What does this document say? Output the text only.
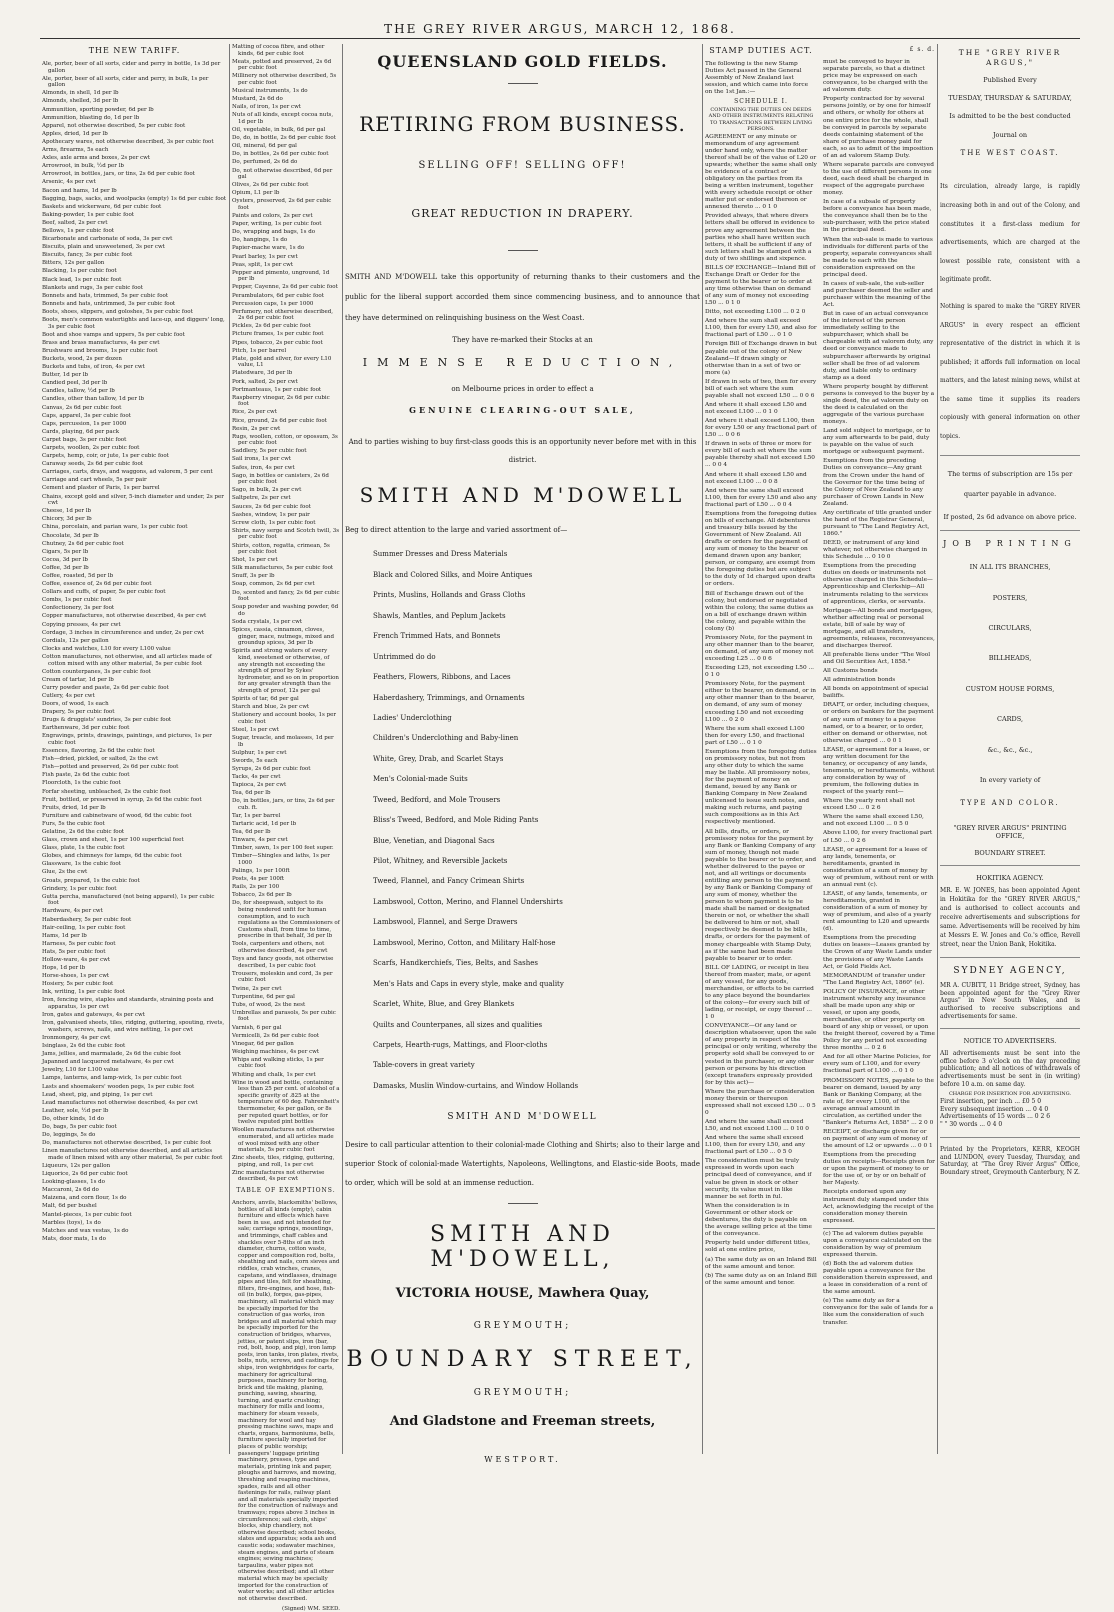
THE GREY RIVER ARGUS, MARCH 12, 1868.
THE NEW TARIFF.

Ale, porter, beer of all sorts, cider and perry in bottle, 1s 3d per gallon

Ale, porter, beer of all sorts, cider and perry, in bulk, 1s per gallon

Almonds, in shell, 1d per lb

Almonds, shelled, 3d per lb

Ammunition, sporting powder, 6d per lb

Ammunition, blasting do, 1d per lb

Apparel, not otherwise described, 5s per cubic foot

Apples, dried, 1d per lb

Apothecary wares, not otherwise described, 3s per cubic foot

Arms, firearms, 5s each

Axles, axle arms and boxes, 2s per cwt

Arrowroot, in bulk, ½d per lb

Arrowroot, in bottles, jars, or tins, 2s 6d per cubic foot

Arsenic, 4s per cwt

Bacon and hams, 1d per lb

Bagging, bags, sacks, and woolpacks (empty) 1s 6d per cubic foot

Baskets and wickerware, 6d per cubic foot

Baking-powder, 1s per cubic foot

Beef, salted, 2s per cwt

Bellows, 1s per cubic foot

Bicarbonate and carbonate of soda, 3s per cwt

Biscuits, plain and unsweetened, 3s per cwt

Biscuits, fancy, 3s per cubic foot

Bitters, 12s per gallon

Blacking, 1s per cubic foot

Black lead, 1s per cubic foot

Blankets and rugs, 3s per cubic foot

Bonnets and hats, trimmed, 5s per cubic foot

Bonnets and hats, untrimmed, 3s per cubic foot

Boots, shoes, slippers, and goloshes, 5s per cubic foot

Boots, men's common watertights and lace-up, and diggers' long, 3s per cubic foot

Boot and shoe vamps and uppers, 5s per cubic foot

Brass and brass manufactures, 4s per cwt

Brushware and brooms, 1s per cubic foot

Buckets, wood, 2s per dozen

Buckets and tubs, of iron, 4s per cwt

Butter, 1d per lb

Candied peel, 3d per lb

Candles, tallow, ½d per lb

Candles, other than tallow, 1d per lb

Canvas, 2s 6d per cubic foot

Caps, apparel, 3s per cubic foot

Caps, percussion, 1s per 1000

Cards, playing, 6d per pack

Carpet bags, 3s per cubic foot

Carpets, woollen, 2s per cubic foot

Carpets, hemp, coir, or jute, 1s per cubic foot

Caraway seeds, 2s 6d per cubic foot

Carriages, carts, drays, and waggons, ad valorem, 5 per cent

Carriage and cart wheels, 5s per pair

Cement and plaster of Paris, 1s per barrel

Chains, except gold and silver, 5-inch diameter and under, 2s per cwt

Cheese, 1d per lb

Chicory, 3d per lb

China, porcelain, and parian ware, 1s per cubic foot

Chocolate, 3d per lb

Chutney, 2s 6d per cubic foot

Cigars, 5s per lb

Cocoa, 3d per lb

Coffee, 3d per lb

Coffee, roasted, 5d per lb

Coffee, essence of, 2s 6d per cubic foot

Collars and cuffs, of paper, 5s per cubic foot

Combs, 1s per cubic foot

Confectionery, 3s per foot

Copper manufactures, not otherwise described, 4s per cwt

Copying presses, 4s per cwt

Cordage, 3 inches in circumference and under, 2s per cwt

Cordials, 12s per gallon

Clocks and watches, L10 for every L100 value

Cotton manufactures, not otherwise, and all articles made of cotton mixed with any other material, 5s per cubic foot

Cotton counterpanes, 3s per cubic foot

Cream of tartar, 1d per lb

Curry powder and paste, 2s 6d per cubic foot

Cutlery, 4s per cwt

Doors, of wood, 1s each

Drapery, 5s per cubic foot

Drugs & druggists' sundries, 3s per cubic foot

Earthenware, 3d per cubic foot

Engravings, prints, drawings, paintings, and pictures, 1s per cubic foot

Essences, flavoring, 2s 6d the cubic foot

Fish—dried, pickled, or salted, 2s the cwt

Fish—potted and preserved, 2s 6d per cubic foot

Fish paste, 2s 6d the cubic foot

Floorcloth, 1s the cubic foot

Forfar sheeting, unbleached, 2s the cubic foot

Fruit, bottled, or preserved in syrup, 2s 6d the cubic foot

Fruits, dried, 1d per lb

Furniture and cabinetware of wood, 6d the cubic foot

Furs, 5s the cubic foot

Gelatine, 2s 6d the cubic foot

Glass, crown and sheet, 1s per 100 superficial feet

Glass, plate, 1s the cubic foot

Globes, and chimneys for lamps, 6d the cubic foot

Glassware, 1s the cubic foot

Glue, 2s the cwt

Groats, prepared, 1s the cubic foot

Grindery, 1s per cubic foot

Gutta percha, manufactured (not being apparel), 1s per cubic foot

Hardware, 4s per cwt

Haberdashery, 5s per cubic foot

Hair-ceiling, 1s per cubic foot

Hams, 1d per lb

Harness, 5s per cubic foot

Hats, 5s per cubic foot

Hollow-ware, 4s per cwt

Hops, 1d per lb

Horse-shoes, 1s per cwt

Hosiery, 5s per cubic foot

Ink, writing, 1s per cubic foot

Iron, fencing wire, staples and standards, straining posts and apparatus, 1s per cwt

Iron, gates and gateways, 4s per cwt

Iron, galvanised sheets, tiles, ridging, guttering, spouting, rivets, washers, screws, nails, and wire netting, 1s per cwt

Ironmongery, 4s per cwt

Isinglass, 2s 6d the cubic foot

Jams, jellies, and marmalade, 2s 6d the cubic foot

Japanned and lacquered metalware, 4s per cwt

Jewelry, L10 for L100 value

Lamps, lanterns, and lamp-wick, 1s per cubic foot

Lasts and shoemakers' wooden pegs, 1s per cubic foot

Lead, sheet, pig, and piping, 1s per cwt

Lead manufactures not otherwise described, 4s per cwt

Leather, sole, ½d per lb

Do, other kinds, 1d do

Do, bags, 5s per cubic foot

Do, leggings, 5s do

Do, manufactures not otherwise described, 1s per cubic foot

Linen manufactures not otherwise described, and all articles made of linen mixed with any other material, 5s per cubic foot

Liqueurs, 12s per gallon

Liquorice, 2s 6d per cubic foot

Looking-glasses, 1s do

Maccaroni, 2s 6d do

Maizena, and corn flour, 1s do

Malt, 6d per bushel

Mantel-pieces, 1s per cubic foot

Marbles (toys), 1s do

Matches and wax vestas, 1s do

Mats, door mats, 1s do

Matting of cocoa fibre, and other kinds, 6d per cubic foot

Meats, potted and preserved, 2s 6d per cubic foot

Millinery not otherwise described, 5s per cubic foot

Musical instruments, 1s do

Mustard, 2s 6d do

Nails, of iron, 1s per cwt

Nuts of all kinds, except cocoa nuts, 1d per lb

Oil, vegetable, in bulk, 6d per gal

Do, do, in bottle, 2s 6d per cubic foot

Oil, mineral, 6d per gal

Do, in bottles, 2s 6d per cubic foot

Do, perfumed, 2s 6d do

Do, not otherwise described, 6d per gal

Olives, 2s 6d per cubic foot

Opium, L1 per lb

Oysters, preserved, 2s 6d per cubic foot

Paints and colors, 2s per cwt

Paper, writing, 1s per cubic foot

Do, wrapping and bags, 1s do

Do, hangings, 1s do

Papier-mache ware, 1s do

Pearl barley, 1s per cwt

Peas, split, 1s per cwt

Pepper and pimento, unground, 1d per lb

Pepper, Cayenne, 2s 6d per cubic foot

Perambulators, 6d per cubic foot

Percussion caps, 1s per 1000

Perfumery, not otherwise described, 2s 6d per cubic foot

Pickles, 2s 6d per cubic foot

Picture frames, 1s per cubic foot

Pipes, tobacco, 2s per cubic foot

Pitch, 1s per barrel

Plate, gold and silver, for every L10 value, L1

Platedware, 3d per lb

Pork, salted, 2s per cwt

Portmanteaus, 1s per cubic foot

Raspberry vinegar, 2s 6d per cubic foot

Rice, 2s per cwt

Rice, ground, 2s 6d per cubic foot

Resin, 2s per cwt

Rugs, woollen, cotton, or opossum, 3s per cubic foot

Saddlery, 5s per cubic foot

Sail irons, 1s per cwt

Safes, iron, 4s per cwt

Sago, in bottles or canisters, 2s 6d per cubic foot

Sago, in bulk, 2s per cwt

Saltpetre, 2s per cwt

Sauces, 2s 6d per cubic foot

Sashes, window, 1s per pair

Screw cloth, 1s per cubic foot

Shirts, navy serge and Scotch twill, 3s per cubic foot

Shirts, cotton, regatta, crimean, 5s per cubic foot

Shot, 1s per cwt

Silk manufactures, 5s per cubic foot

Snuff, 3s per lb

Soap, common, 2s 6d per cwt

Do, scented and fancy, 2s 6d per cubic foot

Soap powder and washing powder, 6d do

Soda crystals, 1s per cwt

Spices, cassia, cinnamon, cloves, ginger, mace, nutmegs, mixed and groundup spices, 3d per lb

Spirits and strong waters of every kind, sweetened or otherwise, of any strength not exceeding the strength of proof by Sykes' hydrometer, and so on in proportion for any greater strength than the strength of proof, 12s per gal

Spirits of tar, 6d per gal

Starch and blue, 2s per cwt

Stationery and account books, 1s per cubic foot

Steel, 1s per cwt

Sugar, treacle, and molasses, 1d per lb

Sulphur, 1s per cwt

Swords, 5s each

Syrups, 2s 6d per cubic foot

Tacks, 4s per cwt

Tapioca, 2s per cwt

Tea, 6d per lb

Do, in bottles, jars, or tins, 2s 6d per cub. ft.

Tar, 1s per barrel

Tartaric acid, 1d per lb

Tea, 6d per lb

Tinware, 4s per cwt

Timber, sawn, 1s per 100 feet super.

Timber—Shingles and laths, 1s per 1000

Palings, 1s per 100ft

Posts, 4s per 100ft

Rails, 2s per 100

Tobacco, 2s 6d per lb

Do, for sheepwash, subject to its being rendered unfit for human consumption, and to such regulations as the Commissioners of Customs shall, from time to time, prescribe in that behalf, 3d per lb

Tools, carpenters and others, not otherwise described, 4s per cwt

Toys and fancy goods, not otherwise described, 1s per cubic foot

Trousers, moleskin and cord, 3s per cubic foot

Twine, 2s per cwt

Turpentine, 6d per gal

Tubs, of wood, 2s the nest

Umbrellas and parasols, 5s per cubic foot

Varnish, 6 per gal

Vermicelli, 2s 6d per cubic foot

Vinegar, 6d per gallon

Weighing machines, 4s per cwt

Whips and walking sticks, 1s per cubic foot

Whiting and chalk, 1s per cwt

Wine in wood and bottle, containing less than 25 per cent. of alcohol of a specific gravity of .825 at the temperature of 60 deg. Fahrenheit's thermometer, 4s per gallon, or 8s per reputed quart bottles, or for twelve reputed pint bottles

Woollen manufactures not otherwise enumerated, and all articles made of wool mixed with any other materials, 5s per cubic foot

Zinc sheets, tiles, ridging, guttering, piping, and roll, 1s per cwt

Zinc manufactures not otherwise described, 4s per cwt

TABLE OF EXEMPTIONS.

Anchors, anvils, blacksmiths' bellows, bottles of all kinds (empty), cabin furniture and effects which have been in use, and not intended for sale; carriage springs, mountings, and trimmings, chaff cables and shackles over 5-8ths of an inch diameter, churns, cotton waste, copper and composition rod, bolts, sheathing and nails, corn sieves and riddles, crab winches, cranes, capstans, and windlasses, drainage pipes and tiles, felt for sheathing, filters, fire-engines, and hose, fish-oil (in bulk), forges, gas-pipes, machinery, all material which may be specially imported for the construction of gas works, iron bridges and all material which may be specially imported for the construction of bridges, wharves, jetties, or patent slips, iron (bar, rod, bolt, hoop, and pig), iron lamp posts, iron tanks, iron plates, rivets, bolts, nuts, screws, and castings for ships, iron weighbridges for carts, machinery for agricultural purposes, machinery for boring, brick and tile making, planing, punching, sawing, shearing, turning, and quartz crushing; machinery for mills and looms, machinery for steam vessels, machinery for wool and hay pressing machine saws, maps and charts, organs, harmoniums, bells, furniture specially imported for places of public worship; passengers' luggage printing machinery, presses, type and materials, printing ink and paper, ploughs and harrows, and mowing, threshing and reaping machines, spades, rails and all other fastenings for rails, railway plant and all materials specially imported for the construction of railways and tramways; ropes above 3 inches in circumference; sail cloth, ships' blocks, ship chandlery, not otherwise described; school books, slates and apparatus; soda ash and caustic soda; sodawater machines, steam engines, and parts of steam engines; sewing machines; tarpaulins, water pipes not otherwise described; and all other material which may be specially imported for the construction of water works; and all other articles not otherwise described.

(Signed) WM. SEED.
QUEENSLAND GOLD FIELDS.
RETIRING FROM BUSINESS.
SELLING OFF! SELLING OFF!
GREAT REDUCTION IN DRAPERY.
SMITH AND M'DOWELL take this opportunity of returning thanks to their customers and the public for the liberal support accorded them since commencing business, and to announce that they have determined on relinquishing business on the West Coast.
They have re-marked their Stocks at an
IMMENSE REDUCTION,
on Melbourne prices in order to effect a
GENUINE CLEARING-OUT SALE,
And to parties wishing to buy first-class goods this is an opportunity never before met with in this district.
SMITH AND M'DOWELL
Beg to direct attention to the large and varied assortment of—

Summer Dresses and Dress Materials

Black and Colored Silks, and Moire Antiques

Prints, Muslins, Hollands and Grass Cloths

Shawls, Mantles, and Peplum Jackets

French Trimmed Hats, and Bonnets

Untrimmed do do

Feathers, Flowers, Ribbons, and Laces

Haberdashery, Trimmings, and Ornaments

Ladies' Underclothing

Children's Underclothing and Baby-linen

White, Grey, Drab, and Scarlet Stays

Men's Colonial-made Suits

Tweed, Bedford, and Mole Trousers

Bliss's Tweed, Bedford, and Mole Riding Pants

Blue, Venetian, and Diagonal Sacs

Pilot, Whitney, and Reversible Jackets

Tweed, Flannel, and Fancy Crimean Shirts

Lambswool, Cotton, Merino, and Flannel Undershirts

Lambswool, Flannel, and Serge Drawers

Lambswool, Merino, Cotton, and Military Half-hose

Scarfs, Handkerchiefs, Ties, Belts, and Sashes

Men's Hats and Caps in every style, make and quality

Scarlet, White, Blue, and Grey Blankets

Quilts and Counterpanes, all sizes and qualities

Carpets, Hearth-rugs, Mattings, and Floor-cloths

Table-covers in great variety

Damasks, Muslin Window-curtains, and Window Hollands

SMITH AND M'DOWELL
Desire to call particular attention to their colonial-made Clothing and Shirts; also to their large and superior Stock of colonial-made Watertights, Napoleons, Wellingtons, and Elastic-side Boots, made to order, which will be sold at an immense reduction.
SMITH AND M'DOWELL,
VICTORIA HOUSE, Mawhera Quay,
GREYMOUTH;
BOUNDARY STREET,
GREYMOUTH;
And Gladstone and Freeman streets,
WESTPORT.
STAMP DUTIES ACT.

The following is the new Stamp Duties Act passed in the General Assembly of New Zealand last session, and which came into force on the 1st Jan.:—

SCHEDULE I.

CONTAINING THE DUTIES ON DEEDS AND OTHER INSTRUMENTS RELATING TO TRANSACTIONS BETWEEN LIVING PERSONS.

AGREEMENT or any minute or memorandum of any agreement under hand only, where the matter thereof shall be of the value of L20 or upwards; whether the same shall only be evidence of a contract or obligatory on the parties from its being a written instrument, together with every schedule receipt or other matter put or endorsed thereon or annexed thereto ... 0 1 0

Provided always, that where divers letters shall be offered in evidence to prove any agreement between the parties who shall have written such letters, it shall be sufficient if any of such letters shall be stamped with a duty of two shillings and sixpence.

BILLS OF EXCHANGE—Inland Bill of Exchange Draft or Order for the payment to the bearer or to order at any time otherwise than on demand of any sum of money not exceeding L50 ... 0 1 0

Ditto, not exceeding L100 ... 0 2 0

And where the sum shall exceed L100, then for every L50, and also for fractional part of L50 ... 0 1 0

Foreign Bill of Exchange drawn in but payable out of the colony of New Zealand—If drawn singly or otherwise than in a set of two or more (a)

If drawn in sets of two, then for every bill of each set where the sum payable shall not exceed L50 ... 0 0 6

And where it shall exceed L50 and not exceed L100 ... 0 1 0

And where it shall exceed L100, then for every L50 or any fractional part of L50 ... 0 0 6

If drawn in sets of three or more for every bill of each set where the sum payable thereby shall not exceed L50 ... 0 0 4

And where it shall exceed L50 and not exceed L100 ... 0 0 8

And where the same shall exceed L100, then for every L50 and also any fractional part of L50 ... 0 0 4

Exemptions from the foregoing duties on bills of exchange. All debentures and treasury bills issued by the Government of New Zealand. All drafts or orders for the payment of any sum of money to the bearer on demand drawn upon any banker, person, or company, are exempt from the foregoing duties but are subject to the duty of 1d charged upon drafts or orders.

Bill of Exchange drawn out of the colony, but endorsed or negotiated within the colony, the same duties as on a bill of exchange drawn within the colony, and payable within the colony (b)

Promissory Note, for the payment in any other manner than to the bearer, on demand, of any sum of money not exceeding L25 ... 0 0 6

Exceeding L25, not exceeding L50 ... 0 1 0

Promissory Note, for the payment either to the bearer, on demand, or in any other manner than to the bearer, on demand, of any sum of money exceeding L50 and not exceeding L100 ... 0 2 0

Where the sum shall exceed L100 then for every L50, and fractional part of L50 ... 0 1 0

Exemptions from the foregoing duties on promissory notes, but not from any other duty to which the same may be liable. All promissory notes, for the payment of money on demand, issued by any Bank or Banking Company in New Zealand unlicensed to issue such notes, and making such returns, and paying such compositions as in this Act respectively mentioned.

All bills, drafts, or orders, or promissory notes for the payment by any Bank or Banking Company of any sum of money, though not made payable to the bearer or to order, and whether delivered to the payee or not, and all writings or documents entitling any person to the payment by any Bank or Banking Company of any sum of money, whether the person to whom payment is to be made shall be named or designated therein or not, or whether the shall be delivered to him or not, shall respectively be deemed to be bills, drafts, or orders for the payment of money chargeable with Stamp Duty, as if the same had been made payable to bearer or to order.

BILL OF LADING, or receipt in lieu thereof from master, mate, or agent of any vessel, for any goods, merchandise, or effects to be carried to any place beyond the boundaries of the colony—for every such bill of lading, or receipt, or copy thereof ... 1 0

CONVEYANCE—Of any land or description whatsoever, upon the sale of any property in respect of the principal or only writing, whereby the property sold shall be conveyed to or vested in the purchaser, or any other person or persons by his direction (except transfers expressly provided for by this act)—

Where the purchase or consideration money therein or thereupon expressed shall not exceed L50 ... 0 5 0

And where the same shall exceed L50, and not exceed L100 ... 0 10 0

And where the same shall exceed L100, then for every L50, and any fractional part of L50 ... 0 5 0

The consideration must be truly expressed in words upon each principal deed of conveyance, and if value be given in stock or other security, its value must in like manner be set forth in ful.

When the consideration is in Government or other stock or debentures, the duty is payable on the average selling price at the time of the conveyance.

Property held under different titles, sold at one entire price,

(a) The same duty as on an Inland Bill of the same amount and tenor.

(b) The same duty as on an Inland Bill of the same amount and tenor.

£ s. d.

must be conveyed to buyer in separate parcels, so that a distinct price may be expressed on each conveyance, to be charged with the ad valorem duty.

Property contracted for by several persons jointly, or by one for himself and others, or wholly for others at one entire price for the whole, shall be conveyed in parcels by separate deeds containing statement of the share of purchase money paid for each, so as to admit of the imposition of an ad valorem Stamp Duty.

Where separate parcels are conveyed to the use of different persons in one deed, each deed shall be charged in respect of the aggregate purchase money.

In case of a subsale of property before a conveyance has been made, the conveyance shall then be to the sub-purchaser, with the price stated in the principal deed.

When the sub-sale is made to various individuals for different parts of the property, separate conveyances shall be made to each with the consideration expressed on the principal deed.

In cases of sub-sale, the sub-seller and purchaser deemed the seller and purchaser within the meaning of the Act.

But in case of an actual conveyance of the interest of the person immediately selling to the subpurchaser, which shall be chargeable with ad valorem duty, any deed or conveyance made to subpurchaser afterwards by original seller shall be free of ad valorem duty, and liable only to ordinary stamp as a deed

Where property bought by different persons is conveyed to the buyer by a single deed, the ad valorem duty on the deed is calculated on the aggregate of the various purchase moneys.

Land sold subject to mortgage, or to any sum afterwards to be paid, duty is payable on the value of such mortgage or subsequent payment.

Exemptions from the preceding Duties on conveyance—Any grant from the Crown under the hand of the Governor for the time being of the Colony of New Zealand to any purchaser of Crown Lands in New Zealand.

Any certificate of title granted under the hand of the Registrar General, pursuant to "The Land Registry Act, 1860."

DEED, or instrument of any kind whatever, not otherwise charged in this Schedule ... 0 10 0

Exemptions from the preceding duties on deeds or instruments not otherwise charged in this Schedule—Apprenticeship and Clerkship—All instruments relating to the services of apprentices, clerks, or servants.

Mortgage—All bonds and mortgages, whether affecting real or personal estate, bill of sale by way of mortgage, and all transfers, agreements, releases, reconveyances, and discharges thereof.

All preferable liens under "The Wool and Oil Securities Act, 1858."

All Customs bonds

All administration bonds

All bonds on appointment of special bailiffs.

DRAFT, or order, including cheques, or orders on bankers for the payment of any sum of money to a payee named, or to a bearer, or to order, either on demand or otherwise, not otherwise charged ... 0 0 1

LEASE, or agreement for a lease, or any written document for the tenancy, or occupancy of any lands, tenements, or hereditaments, without any consideration by way of premium, the following duties in respect of the yearly rent—

Where the yearly rent shall not exceed L50 ... 0 2 6

Where the same shall exceed L50, and not exceed L100 ... 0 5 0

Above L100, for every fractional part of L50 ... 0 2 6

LEASE, or agreement for a lease of any lands, tenements, or hereditaments, granted in consideration of a sum of money by way of premium, without rent or with an annual rent (c).

LEASE, of any lands, tenements, or hereditaments, granted in consideration of a sum of money by way of premium, and also of a yearly rent amounting to L20 and upwards (d).

Exemptions from the preceding duties on leases—Leases granted by the Crown of any Waste Lands under the provisions of any Waste Lands Act, or Gold Fields Act.

MEMORANDUM of transfer under "The Land Registry Act, 1860" (e).

POLICY OF INSURANCE, or other instrument whereby any insurance shall be made upon any ship or vessel, or upon any goods, merchandise, or other property on board of any ship or vessel, or upon the freight thereof, covered by a Time Policy for any period not exceeding three months ... 0 2 6

And for all other Marine Policies, for every sum of L100, and for every fractional part of L100 ... 0 1 0

PROMISSORY NOTES, payable to the bearer on demand, issued by any Bank or Banking Company, at the rate of, for every L100, of the average annual amount in circulation, as certified under the "Banker's Returns Act, 1858" ... 2 0 0

RECEIPT, or discharge given for or on payment of any sum of money of the amount of L2 or upwards ... 0 0 1

Exemptions from the preceding duties on receipts—Receipts given for or upon the payment of money to or for the use of, or by or on behalf of her Majesty.

Receipts endorsed upon any instrument duly stamped under this Act, acknowledging the receipt of the consideration money therein expressed.

(c) The ad valorem duties payable upon a conveyance calculated on the consideration by way of premium expressed therein.

(d) Both the ad valorem duties payable upon a conveyance for the consideration therein expressed, and a lease in consideration of a rent of the same amount.

(e) The same duty as for a conveyance for the sale of lands for a like sum the consideration of such transfer.

THE "GREY RIVER ARGUS,"

Published Every

TUESDAY, THURSDAY & SATURDAY,

Is admitted to be the best conducted

Journal on

THE WEST COAST.

Its circulation, already large, is rapidly increasing both in and out of the Colony, and constitutes it a first-class medium for advertisements, which are charged at the lowest possible rate, consistent with a legitimate profit.

Nothing is spared to make the "GREY RIVER ARGUS" in every respect an efficient representative of the district in which it is published; it affords full information on local matters, and the latest mining news, whilst at the same time it supplies its readers copiously with general information on other topics.

The terms of subscription are 15s per quarter payable in advance.

If posted, 2s 6d advance on above price.

JOB PRINTING

IN ALL ITS BRANCHES,

POSTERS,

CIRCULARS,

BILLHEADS,

CUSTOM HOUSE FORMS,

CARDS,

&c., &c., &c.,

In every variety of

TYPE AND COLOR.

"GREY RIVER ARGUS" PRINTING OFFICE,

BOUNDARY STREET.

HOKITIKA AGENCY.

MR. E. W. JONES, has been appointed Agent in Hokitika for the "GREY RIVER ARGUS," and is authorised to collect accounts and receive advertisements and subscriptions for same. Advertisements will be received by him at Messrs E. W. Jones and Co.'s office, Revell street, near the Union Bank, Hokitika.

SYDNEY AGENCY,

MR A. CUBITT, 11 Bridge street, Sydney, has been appointed agent for the "Grey River Argus" in New South Wales, and is authorised to receive subscriptions and advertisements for same.

NOTICE TO ADVERTISERS.

All advertisements must be sent into the office before 3 o'clock on the day preceding publication; and all notices of withdrawals of advertisements must be sent in (in writing) before 10 a.m. on same day.

CHARGE FOR INSERTION FOR ADVERTISING.

First insertion, per inch ... £0 5 0

Every subsequent insertion ... 0 4 0

Advertisements of 15 words ... 0 2 6

" " 30 words ... 0 4 0

Printed by the Proprietors, KERR, KEOGH and LUNDON, every Tuesday, Thursday, and Saturday, at "The Grey River Argus" Office, Boundary street, Greymouth Canterbury, N Z.
